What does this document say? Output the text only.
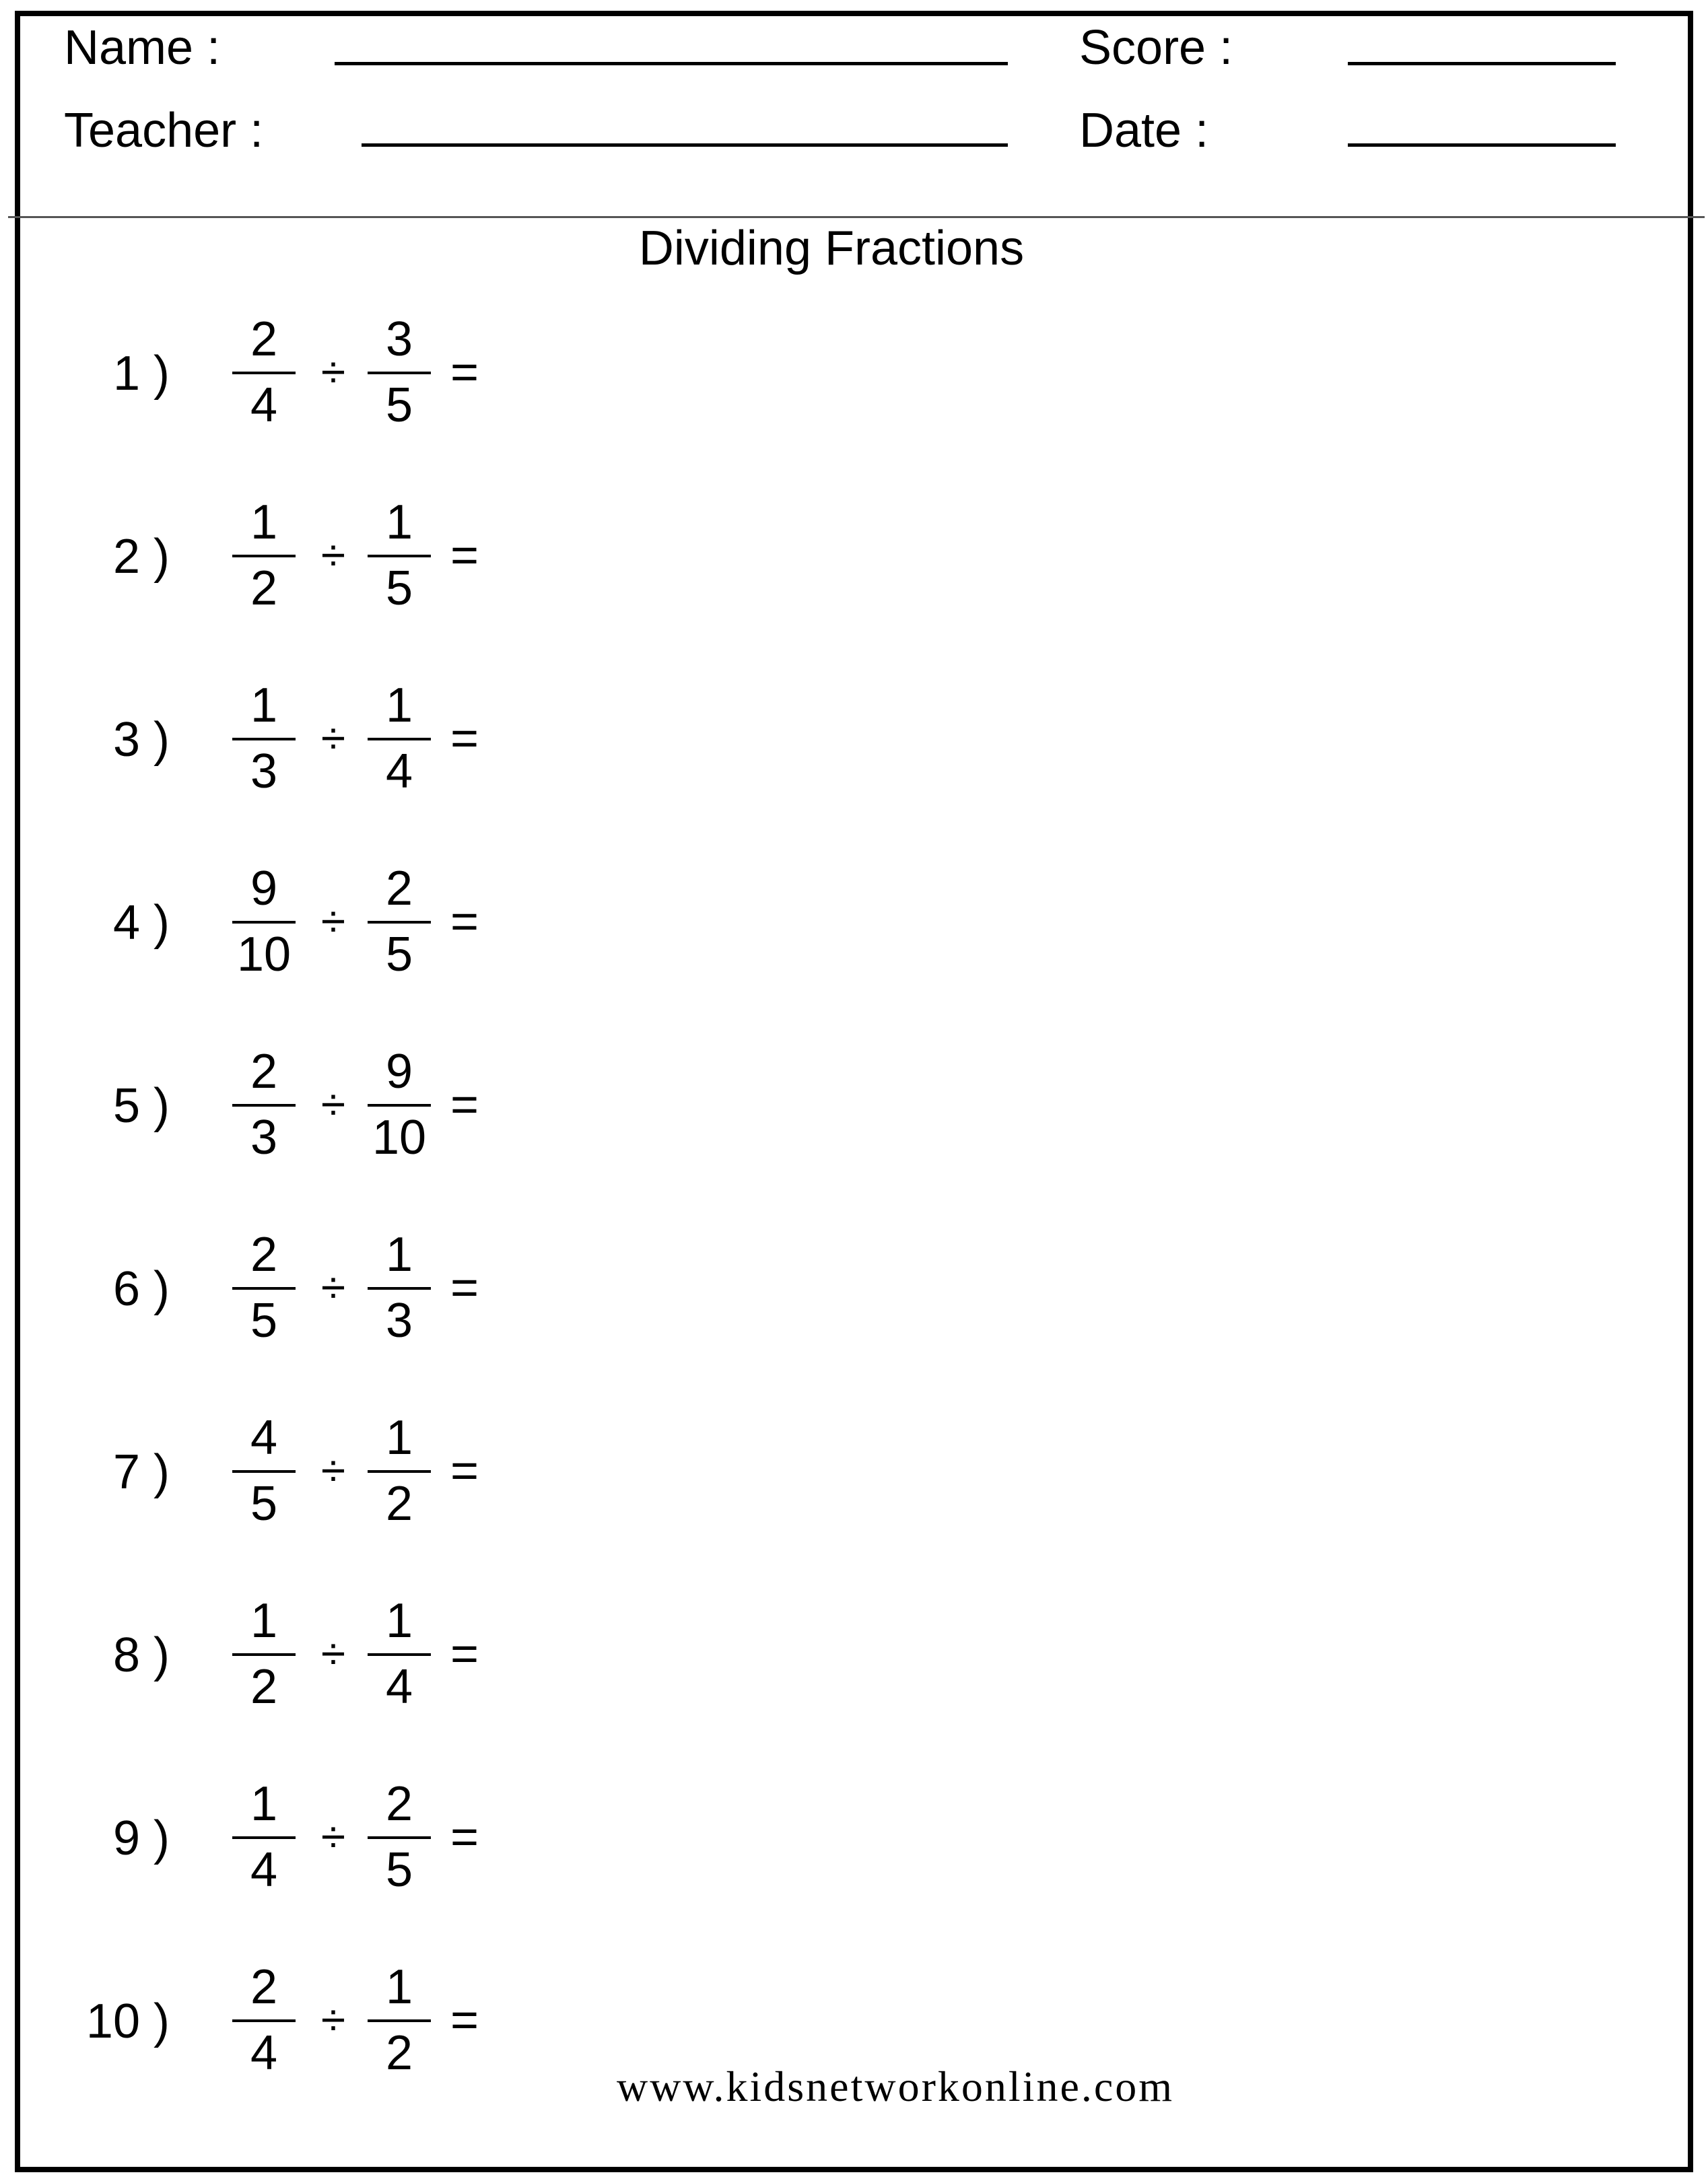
Name :	Score :
Teacher :	Date :
Dividing Fractions
1 )
2
4
÷
3
5
=
2 )
1
2
÷
1
5
=
3 )
1
3
÷
1
4
=
4 )
9
10
÷
2
5
=
5 )
2
3
÷
9
10
=
6 )
2
5
÷
1
3
=
7 )
4
5
÷
1
2
=
8 )
1
2
÷
1
4
=
9 )
1
4
÷
2
5
=
10 )
2
4
÷
1
2
=
www.kidsnetworkonline.com
